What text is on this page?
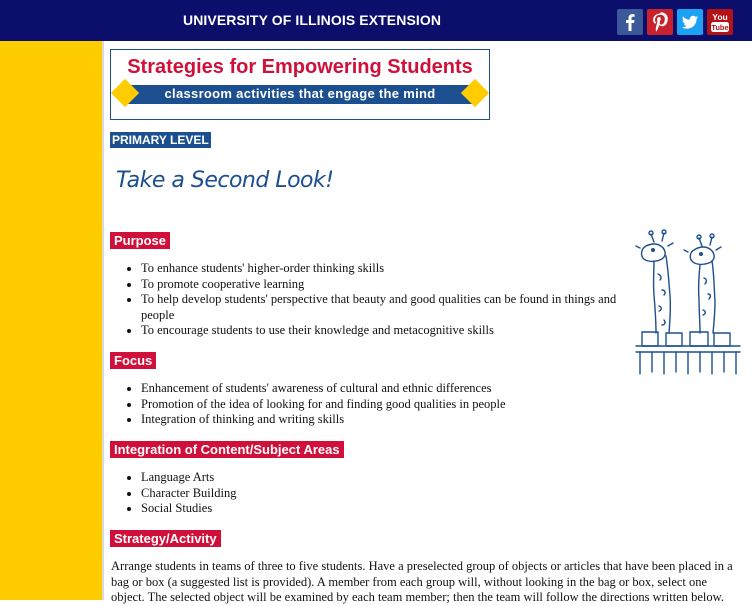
UNIVERSITY OF ILLINOIS EXTENSION	You
Tube
Strategies for Empowering Students
classroom activities that engage the mind
PRIMARY LEVEL
Take a Second Look!
Purpose
• To enhance students' higher-order thinking skills
• To promote cooperative learning
• To help develop students' perspective that beauty and good qualities can be found in things and people
• To encourage students to use their knowledge and metacognitive skills
Focus
• Enhancement of students' awareness of cultural and ethnic differences
• Promotion of the idea of looking for and finding good qualities in people
• Integration of thinking and writing skills
Integration of Content/Subject Areas
• Language Arts
• Character Building
• Social Studies
Strategy/Activity

Arrange students in teams of three to five students. Have a preselected group of objects or articles that have been placed in a bag or box (a suggested list is provided). A member from each group will, without looking in the bag or box, select one object. The selected object will be examined by each team member; then the team will follow the directions written below.
